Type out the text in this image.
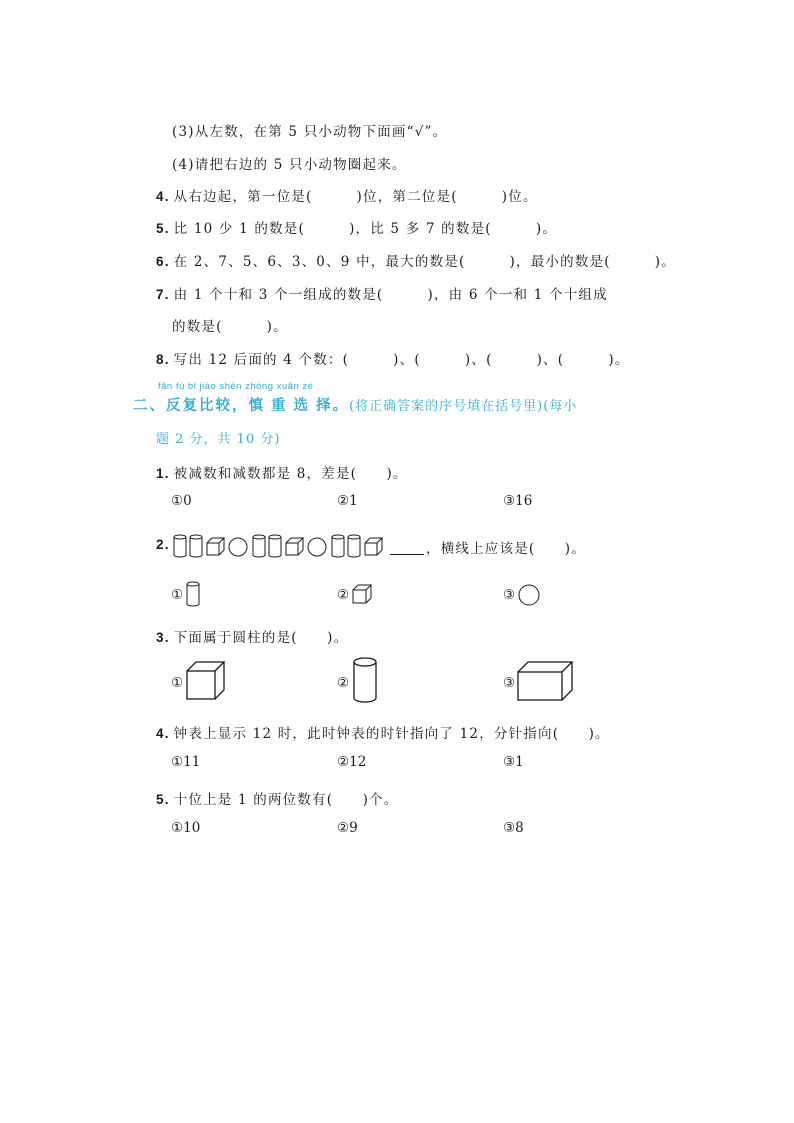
(3)从左数，在第 5 只小动物下面画“√”。
(4)请把右边的 5 只小动物圈起来。
4. 从右边起，第一位是(　　　)位，第二位是(　　　)位。
5. 比 10 少 1 的数是(　　　)，比 5 多 7 的数是(　　　)。
6. 在 2、7、5、6、3、0、9 中，最大的数是(　　　)，最小的数是(　　　)。
7. 由 1 个十和 3 个一组成的数是(　　　)，由 6 个一和 1 个十组成
的数是(　　　)。
8. 写出 12 后面的 4 个数：(　　　)、(　　　)、(　　　)、(　　　)。
fǎn fù bǐ jiào shèn zhòng xuǎn zé
二、反复比较，慎 重 选 择。(将正确答案的序号填在括号里)(每小
题 2 分，共 10 分)
1. 被减数和减数都是 8，差是(　　)。
①0	②1	③16
2.	，横线上应该是(　　)。
①	②	③
3. 下面属于圆柱的是(　　)。
①	②	③
4. 钟表上显示 12 时，此时钟表的时针指向了 12，分针指向(　　)。
①11	②12	③1
5. 十位上是 1 的两位数有(　　)个。
①10	②9	③8
